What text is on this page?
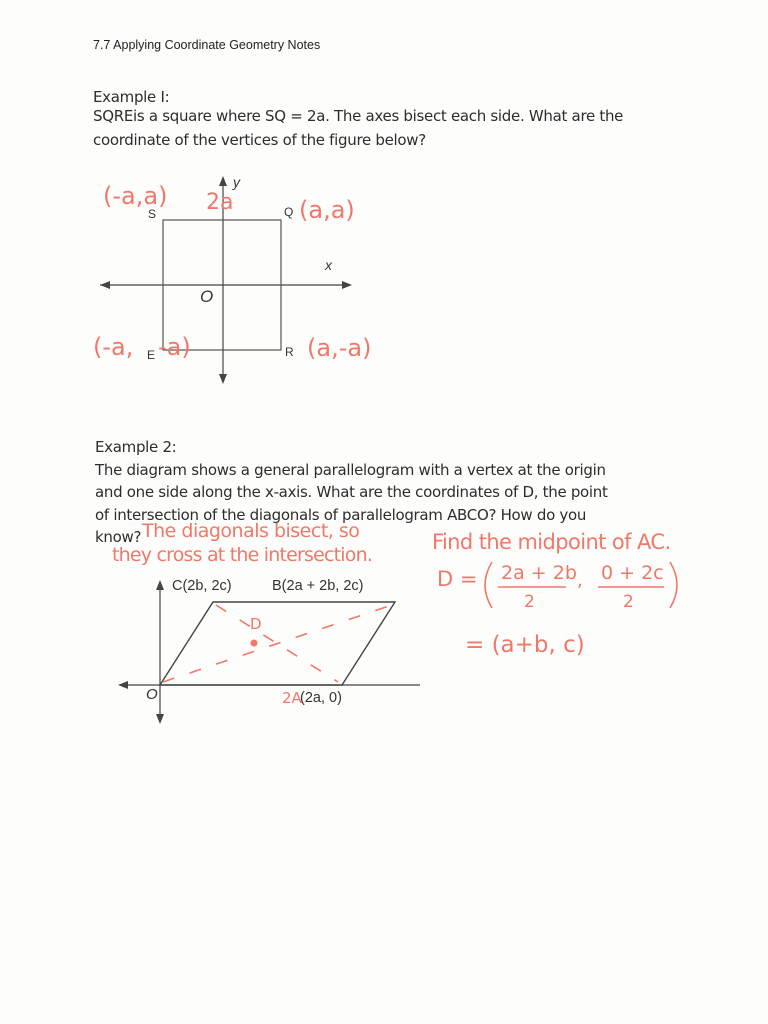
7.7 Applying Coordinate Geometry Notes
Example I:
SQREis a square where SQ = 2a. The axes bisect each side. What are the
coordinate of the vertices of the figure below?
(-a,a)
S 2a
y
Q (a,a)
x
O
(-a, E -a)	R (a,-a)
Example 2:
The diagram shows a general parallelogram with a vertex at the origin
and one side along the x-axis. What are the coordinates of D, the point
of intersection of the diagonals of parallelogram ABCO? How do you
know? The diagonals bisect, so
they cross at the intersection.
Find the midpoint of AC.
D = 2a + 2b
2
, 0 + 2c
2
= (a+b, c)
C(2b, 2c)	B(2a + 2b, 2c)
D
O	2A
(2a, 0)
